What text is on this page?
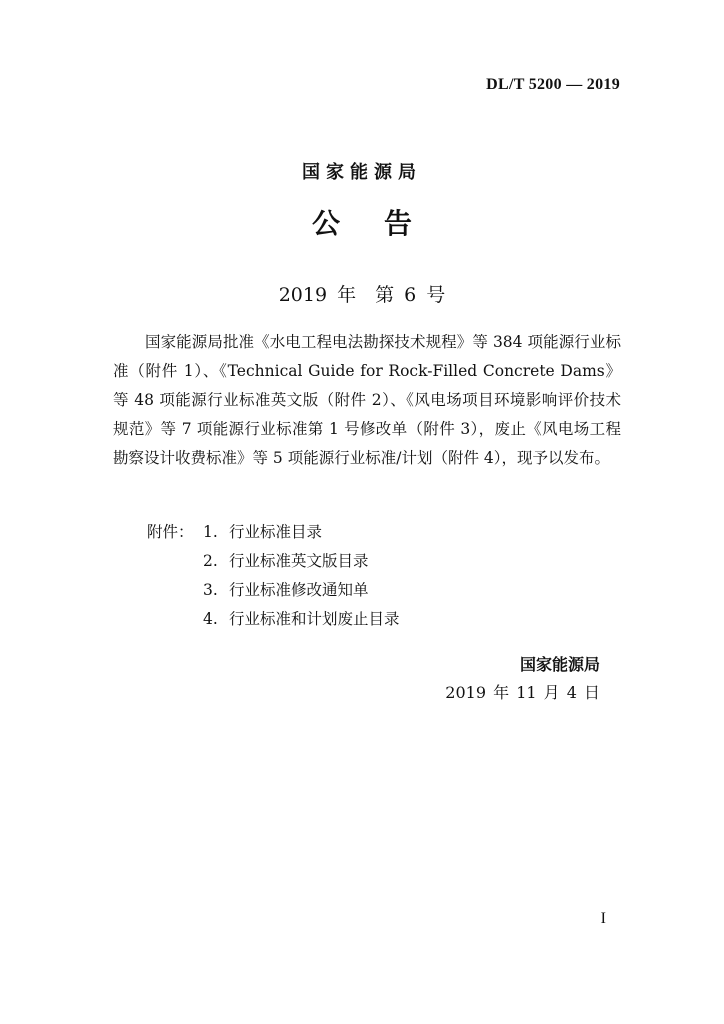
DL/T 5200 — 2019
国家能源局
公告
2019 年　第 6 号

国家能源局批准《水电工程电法勘探技术规程》等 384 项能源行业标准（附件 1）、《Technical Guide for Rock-Filled Concrete Dams》等 48 项能源行业标准英文版（附件 2）、《风电场项目环境影响评价技术规范》等 7 项能源行业标准第 1 号修改单（附件 3），废止《风电场工程勘察设计收费标准》等 5 项能源行业标准/计划（附件 4），现予以发布。

附件： 1. 行业标准目录
2. 行业标准英文版目录
3. 行业标准修改通知单
4. 行业标准和计划废止目录
国家能源局
2019 年 11 月 4 日
I
